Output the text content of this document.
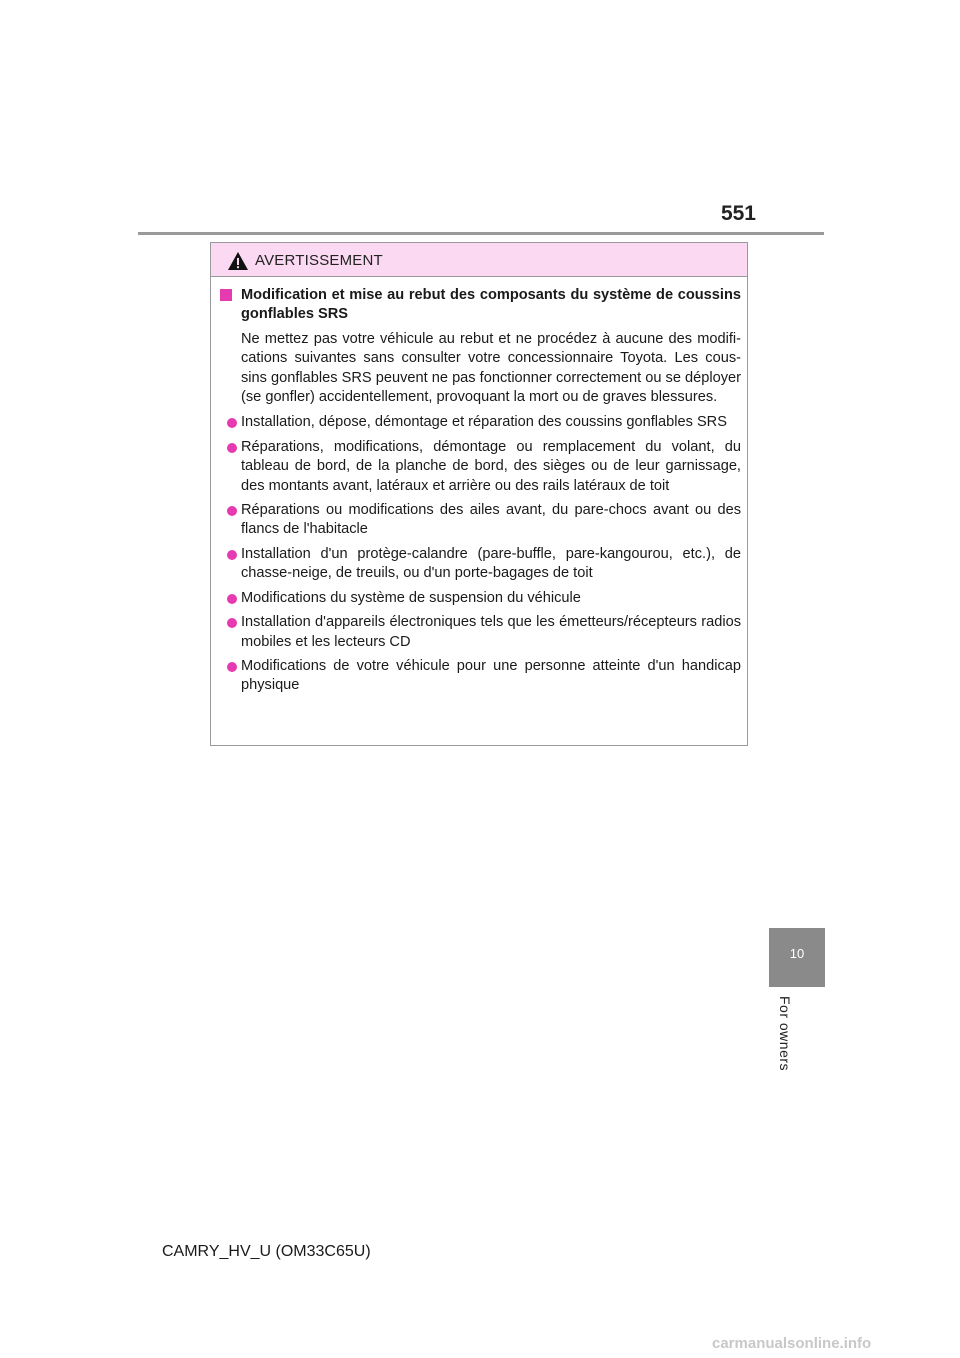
551
AVERTISSEMENT
Modification et mise au rebut des composants du système de coussins gonflables SRS
Ne mettez pas votre véhicule au rebut et ne procédez à aucune des modifi-cations suivantes sans consulter votre concessionnaire Toyota. Les cous-sins gonflables SRS peuvent ne pas fonctionner correctement ou se déployer (se gonfler) accidentellement, provoquant la mort ou de graves blessures.
Installation, dépose, démontage et réparation des coussins gonflables SRS
Réparations, modifications, démontage ou remplacement du volant, du tableau de bord, de la planche de bord, des sièges ou de leur garnissage, des montants avant, latéraux et arrière ou des rails latéraux de toit
Réparations ou modifications des ailes avant, du pare-chocs avant ou des flancs de l'habitacle
Installation d'un protège-calandre (pare-buffle, pare-kangourou, etc.), de chasse-neige, de treuils, ou d'un porte-bagages de toit
Modifications du système de suspension du véhicule
Installation d'appareils électroniques tels que les émetteurs/récepteurs radios mobiles et les lecteurs CD
Modifications de votre véhicule pour une personne atteinte d'un handicap physique
10
For owners
CAMRY_HV_U (OM33C65U)
carmanualsonline.info
